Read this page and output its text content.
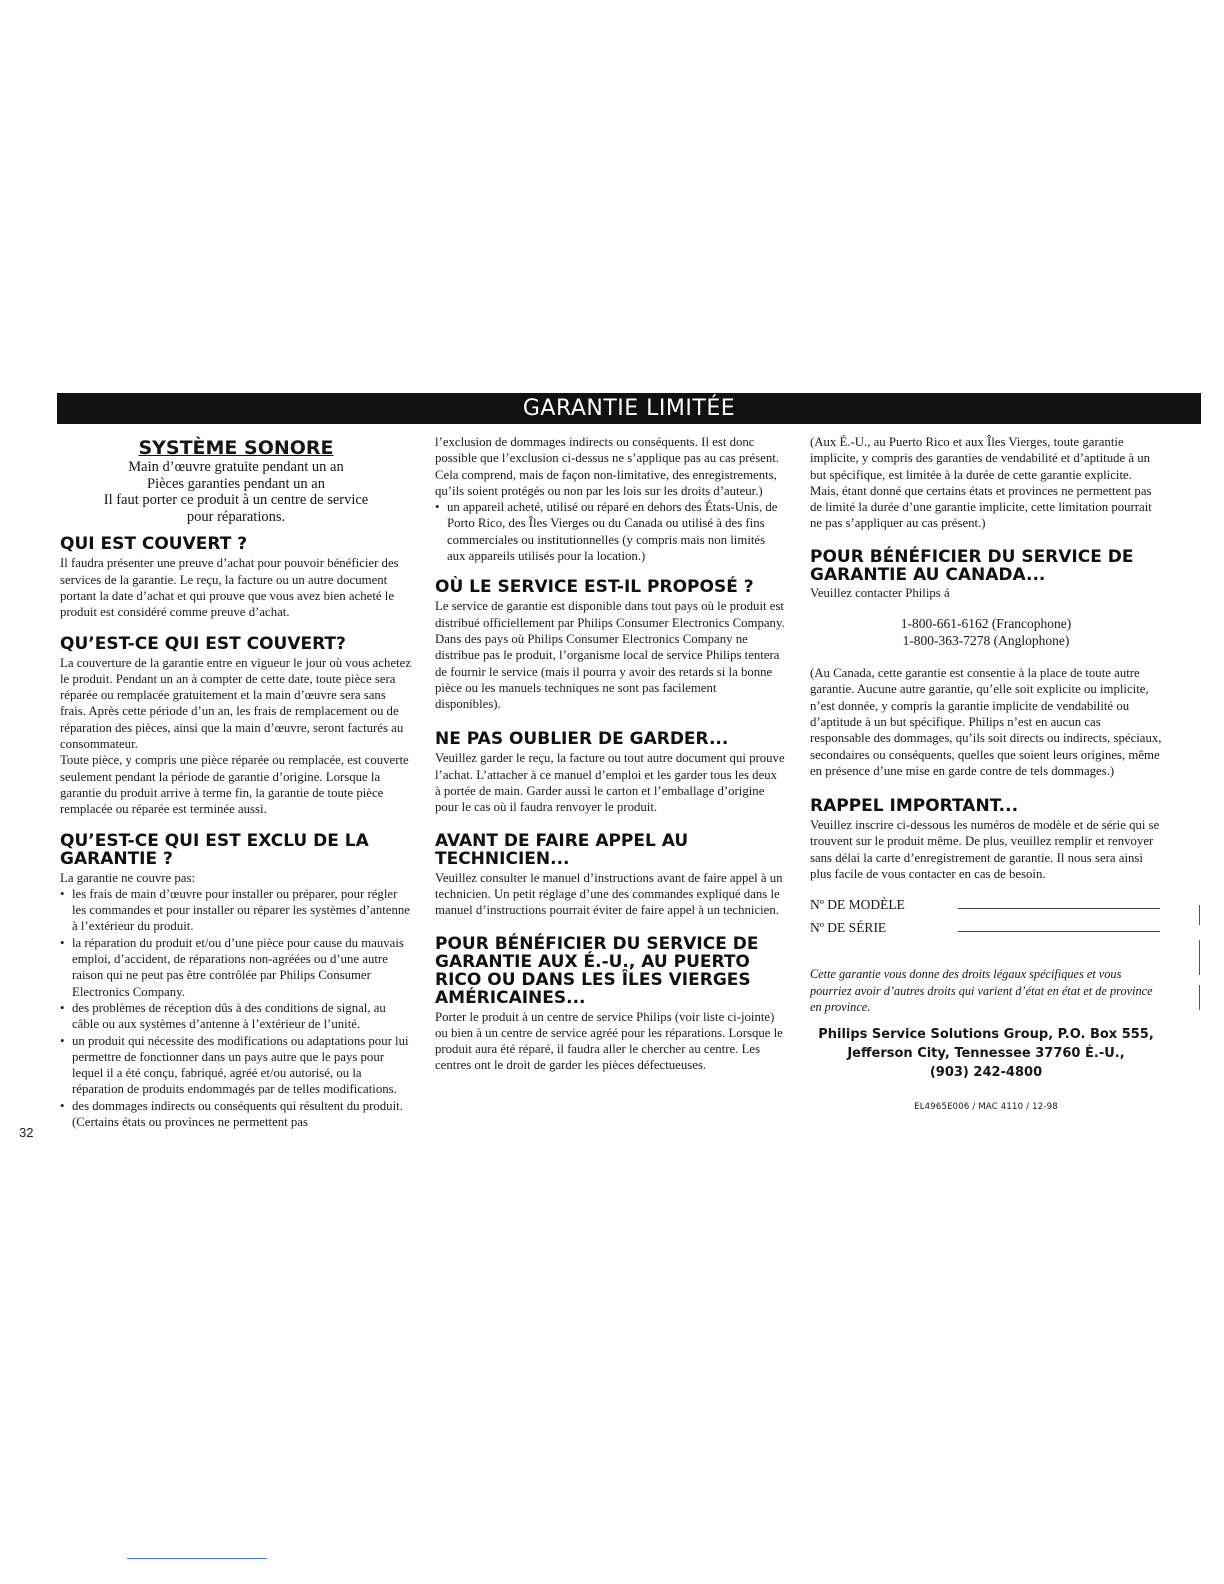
GARANTIE LIMITÉE
SYSTÈME SONORE

Main d’œuvre gratuite pendant un an

Pièces garanties pendant un an

Il faut porter ce produit à un centre de service

pour réparations.

QUI EST COUVERT ?

Il faudra présenter une preuve d’achat pour pouvoir bénéficier des services de la garantie. Le reçu, la facture ou un autre document portant la date d’achat et qui prouve que vous avez bien acheté le produit est considéré comme preuve d’achat.

QU’EST-CE QUI EST COUVERT?

La couverture de la garantie entre en vigueur le jour où vous achetez le produit. Pendant un an à compter de cette date, toute pièce sera réparée ou remplacée gratuitement et la main d’œuvre sera sans frais. Après cette période d’un an, les frais de remplacement ou de réparation des pièces, ainsi que la main d’œuvre, seront facturés au consommateur.

Toute pièce, y compris une pièce réparée ou remplacée, est couverte seulement pendant la période de garantie d’origine. Lorsque la garantie du produit arrive à terme fin, la garantie de toute pièce remplacée ou réparée est terminée aussi.

QU’EST-CE QUI EST EXCLU DE LA GARANTIE ?

La garantie ne couvre pas:

• les frais de main d’œuvre pour installer ou préparer, pour régler les commandes et pour installer ou réparer les systèmes d’antenne à l’extérieur du produit.
• la réparation du produit et/ou d’une pièce pour cause du mauvais emploi, d’accident, de réparations non-agréées ou d’une autre raison qui ne peut pas être contrôlée par Philips Consumer Electronics Company.
• des problèmes de réception dûs à des conditions de signal, au câble ou aux systèmes d’antenne à l’extérieur de l’unité.
• un produit qui nécessite des modifications ou adaptations pour lui permettre de fonctionner dans un pays autre que le pays pour lequel il a été conçu, fabriqué, agréé et/ou autorisé, ou la réparation de produits endommagés par de telles modifications.
• des dommages indirects ou conséquents qui résultent du produit. (Certains états ou provinces ne permettent pas

l’exclusion de dommages indirects ou conséquents. Il est donc possible que l’exclusion ci-dessus ne s’applique pas au cas présent. Cela comprend, mais de façon non-limitative, des enregistrements, qu’ils soient protégés ou non par les lois sur les droits d’auteur.)

• un appareil acheté, utilisé ou réparé en dehors des États-Unis, de Porto Rico, des Îles Vierges ou du Canada ou utilisé à des fins commerciales ou institutionnelles (y compris mais non limités aux appareils utilisés pour la location.)
OÙ LE SERVICE EST-IL PROPOSÉ ?

Le service de garantie est disponible dans tout pays où le produit est distribué officiellement par Philips Consumer Electronics Company. Dans des pays où Philips Consumer Electronics Company ne distribue pas le produit, l’organisme local de service Philips tentera de fournir le service (mais il pourra y avoir des retards si la bonne pièce ou les manuels techniques ne sont pas facilement disponibles).

NE PAS OUBLIER DE GARDER...

Veuillez garder le reçu, la facture ou tout autre document qui prouve l’achat. L’attacher à ce manuel d’emploi et les garder tous les deux à portée de main. Garder aussi le carton et l’emballage d’origine pour le cas où il faudra renvoyer le produit.

AVANT DE FAIRE APPEL AU TECHNICIEN...

Veuillez consulter le manuel d’instructions avant de faire appel à un technicien. Un petit réglage d’une des commandes expliqué dans le manuel d’instructions pourrait éviter de faire appel à un technicien.

POUR BÉNÉFICIER DU SERVICE DE GARANTIE AUX É.-U., AU PUERTO RICO OU DANS LES ÎLES VIERGES AMÉRICAINES...

Porter le produit à un centre de service Philips (voir liste ci-jointe) ou bien à un centre de service agréé pour les réparations. Lorsque le produit aura été réparé, il faudra aller le chercher au centre. Les centres ont le droit de garder les pièces défectueuses.

(Aux É.-U., au Puerto Rico et aux Îles Vierges, toute garantie implicite, y compris des garanties de vendabilité et d’aptitude à un but spécifique, est limitée à la durée de cette garantie explicite. Mais, étant donné que certains états et provinces ne permettent pas de limité la durée d’une garantie implicite, cette limitation pourrait ne pas s’appliquer au cas présent.)

POUR BÉNÉFICIER DU SERVICE DE GARANTIE AU CANADA...

Veuillez contacter Philips á

1-800-661-6162 (Francophone)

1-800-363-7278 (Anglophone)

(Au Canada, cette garantie est consentie à la place de toute autre garantie. Aucune autre garantie, qu’elle soit explicite ou implicite, n’est donnée, y compris la garantie implicite de vendabilité ou d’aptitude à un but spécifique. Philips n’est en aucun cas responsable des dommages, qu’ils soit directs ou indirects, spéciaux, secondaires ou conséquents, quelles que soient leurs origines, même en présence d’une mise en garde contre de tels dommages.)

RAPPEL IMPORTANT...

Veuillez inscrire ci-dessous les numéros de modèle et de série qui se trouvent sur le produit même. De plus, veuillez remplir et renvoyer sans délai la carte d’enregistrement de garantie. Il nous sera ainsi plus facile de vous contacter en cas de besoin.

Nº DE MODÈLE
Nº DE SÉRIE

Cette garantie vous donne des droits légaux spécifiques et vous pourriez avoir d’autres droits qui varient d’état en état et de province en province.

Philips Service Solutions Group, P.O. Box 555,

Jefferson City, Tennessee 37760 É.-U.,

(903) 242-4800

EL4965E006 / MAC 4110 / 12-98

32
